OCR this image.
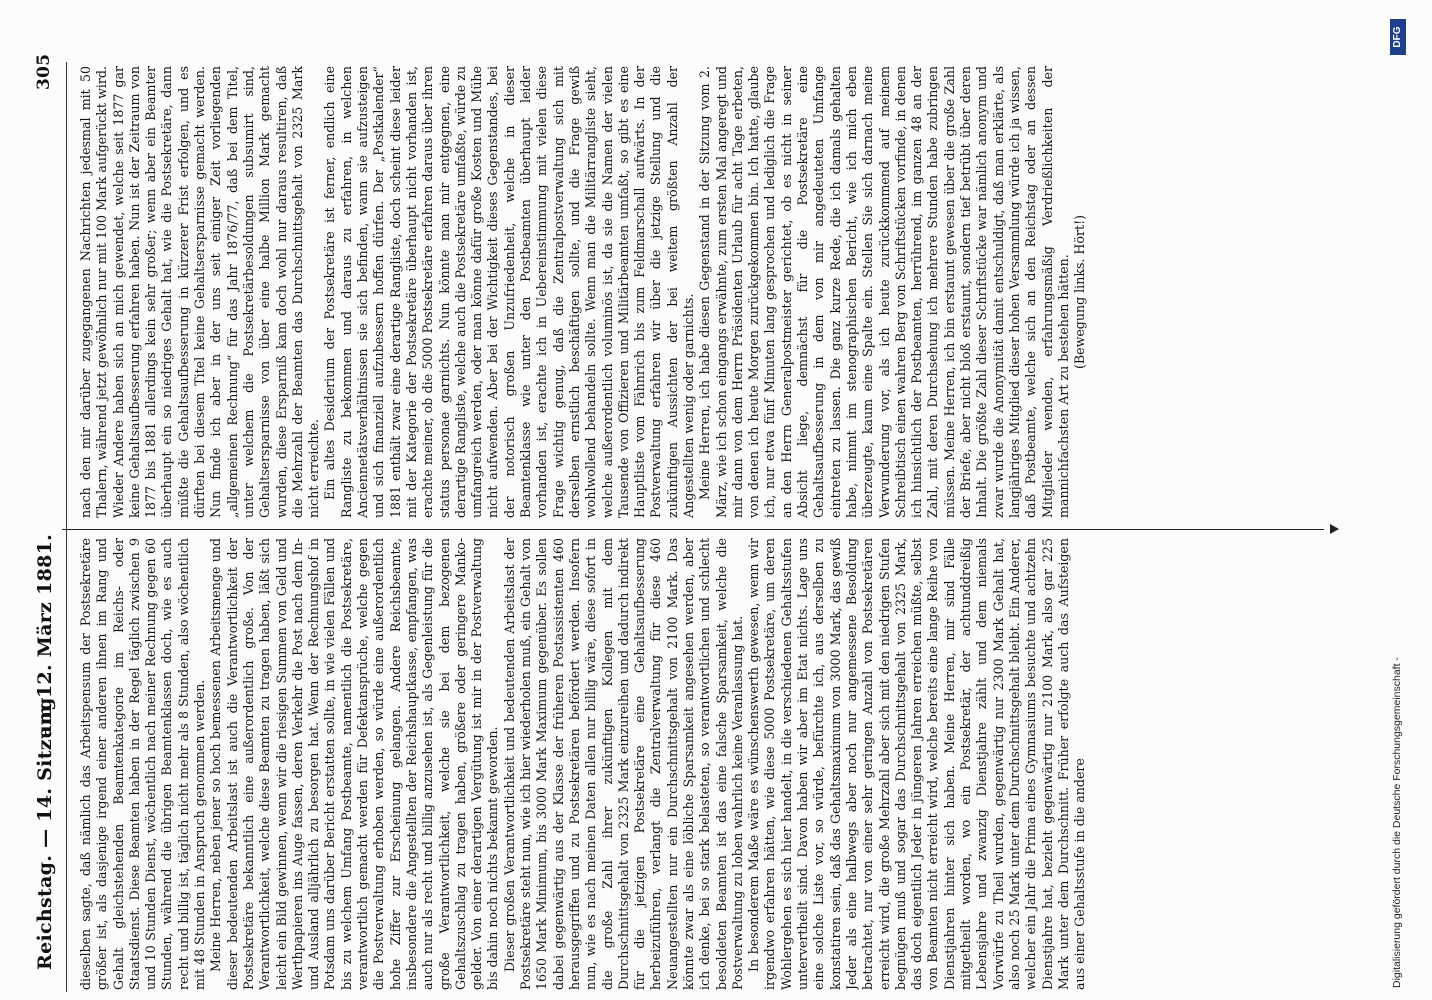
Reichstag. — 14. Sitzung
am 12. März 1881.
305

dieselben sagte, daß nämlich das Arbeitspensum der Postsekretäre größer ist, als dasjenige irgend einer anderen ihnen im Rang und Gehalt gleichstehenden Beamtenkategorie im Reichs- oder Staatsdienst. Diese Beamten haben in der Regel täglich zwischen 9 und 10 Stunden Dienst, wöchentlich nach meiner Rechnung gegen 60 Stunden, während die übrigen Beamtenklassen doch, wie es auch recht und billig ist, täglich nicht mehr als 8 Stunden, also wöchentlich mit 48 Stunden in Anspruch genommen werden. Meine Herren, neben jener so hoch bemessenen Arbeitsmenge und dieser bedeutenden Arbeitslast ist auch die Verantwortlichkeit der Postsekretäre bekanntlich eine außerordentlich große. Von der Verantwortlichkeit, welche diese Beamten zu tragen haben, läßt sich leicht ein Bild gewinnen, wenn wir die riesigen Summen von Geld und Werthpapieren ins Auge fassen, deren Verkehr die Post nach dem In- und Ausland alljährlich zu besorgen hat. Wenn der Rechnungshof in Potsdam uns darüber Bericht erstatten sollte, in wie vielen Fällen und bis zu welchem Umfang Postbeamte, namentlich die Postsekretäre, verantwortlich gemacht werden für Defektansprüche, welche gegen die Postverwaltung erhoben werden, so würde eine außerordentlich hohe Ziffer zur Erscheinung gelangen. Andere Reichsbeamte, insbesondere die Angestellten der Reichshauptkasse, empfangen, was auch nur als recht und billig anzusehen ist, als Gegenleistung für die große Verantwortlichkeit, welche sie bei dem bezogenen Gehaltszuschlag zu tragen haben, größere oder geringere Manko-gelder. Von einer derartigen Vergütung ist mir in der Postverwaltung bis dahin noch nichts bekannt geworden. Dieser großen Verantwortlichkeit und bedeutenden Arbeitslast der Postsekretäre steht nun, wie ich hier wiederholen muß, ein Gehalt von 1650 Mark Minimum, bis 3000 Mark Maximum gegenüber. Es sollen dabei gegenwärtig aus der Klasse der früheren Postassistenten 460 herausgegriffen und zu Postsekretären befördert werden. Insofern nun, wie es nach meinen Daten allen nur billig wäre, diese sofort in die große Zahl ihrer zukünftigen Kollegen mit dem Durchschnittsgehalt von 2325 Mark einzureihen und dadurch indirekt für die jetzigen Postsekretäre eine Gehaltsaufbesserung herbeizuführen, verlangt die Zentralverwaltung für diese 460 Neuangestellten nur ein Durchschnittsgehalt von 2100 Mark. Das könnte zwar als eine löbliche Sparsamkeit angesehen werden, aber ich denke, bei so stark belasteten, so verantwortlichen und schlecht besoldeten Beamten ist das eine falsche Sparsamkeit, welche die Postverwaltung zu loben wahrlich keine Veranlassung hat. In besonderem Maße wäre es wünschenswerth gewesen, wenn wir irgendwo erfahren hätten, wie diese 5000 Postsekretäre, um deren Wohlergehen es sich hier handelt, in die verschiedenen Gehaltsstufen untervertheilt sind. Davon haben wir aber im Etat nichts. Lage uns eine solche Liste vor, so würde, befürchte ich, aus derselben zu konstatiren sein, daß das Gehaltsmaximum von 3000 Mark, das gewiß Jeder als eine halbwegs aber noch nur angemessene Besoldung betrachtet, nur von einer sehr geringen Anzahl von Postsekretären erreicht wird, die große Mehrzahl aber sich mit den niedrigen Stufen begnügen muß und sogar das Durchschnittsgehalt von 2325 Mark, das doch eigentlich Jeder in jüngeren Jahren erreichen müßte, selbst von Beamten nicht erreicht wird, welche bereits eine lange Reihe von Dienstjahren hinter sich haben. Meine Herren, mir sind Fälle mitgetheilt worden, wo ein Postsekretär, der achtunddreißig Lebensjahre und zwanzig Dienstjahre zählt und dem niemals Vorwürfe zu Theil wurden, gegenwärtig nur 2300 Mark Gehalt hat, also noch 25 Mark unter dem Durchschnittsgehalt bleibt. Ein Anderer, welcher ein Jahr die Prima eines Gymnasiums besuchte und achtzehn Dienstjahre hat, bezieht gegenwärtig nur 2100 Mark, also gar 225 Mark unter dem Durchschnitt. Früher erfolgte auch das Aufsteigen aus einer Gehaltsstufe in die andere

nach den mir darüber zugegangenen Nachrichten jedesmal mit 50 Thalern, während jetzt gewöhnlich nur mit 100 Mark aufgerückt wird. Wieder Andere haben sich an mich gewendet, welche seit 1877 gar keine Gehaltsaufbesserung erfahren haben. Nun ist der Zeitraum von 1877 bis 1881 allerdings kein sehr großer; wenn aber ein Beamter überhaupt ein so niedriges Gehalt hat, wie die Postsekretäre, dann müßte die Gehaltsaufbesserung in kürzerer Frist erfolgen, und es dürften bei diesem Titel keine Gehaltsersparnisse gemacht werden. Nun finde ich aber in der uns seit einiger Zeit vorliegenden „allgemeinen Rechnung“ für das Jahr 1876/77, daß bei dem Titel, unter welchem die Postsekretärbesoldungen subsumirt sind, Gehaltsersparnisse von über eine halbe Million Mark gemacht wurden, diese Ersparniß kam doch wohl nur daraus resultiren, daß die Mehrzahl der Beamten das Durchschnittsgehalt von 2325 Mark nicht erreichte. Ein altes Desiderium der Postsekretäre ist ferner, endlich eine Rangliste zu bekommen und daraus zu erfahren, in welchen Anciennetätsverhältnissen sie sich befinden, wann sie aufzusteigen und sich finanziell aufzubessern hoffen dürfen. Der „Postkalender“ 1881 enthält zwar eine derartige Rangliste, doch scheint diese leider mit der Kategorie der Postsekretäre überhaupt nicht vorhanden ist, erachte meiner, ob die 5000 Postsekretäre erfahren daraus über ihren status personae garnichts. Nun könnte man mir entgegnen, eine derartige Rangliste, welche auch die Postsekretäre umfaßte, würde zu umfangreich werden, oder man könne dafür große Kosten und Mühe nicht aufwenden. Aber bei der Wichtigkeit dieses Gegenstandes, bei der notorisch großen Unzufriedenheit, welche in dieser Beamtenklasse wie unter den Postbeamten überhaupt leider vorhanden ist, erachte ich in Uebereinstimmung mit vielen diese Frage wichtig genug, daß die Zentralpostverwaltung sich mit derselben ernstlich beschäftigen sollte, und die Frage gewiß wohlwollend behandeln sollte. Wenn man die Militärrangliste sieht, welche außerordentlich voluminös ist, da sie die Namen der vielen Tausende von Offizieren und Militärbeamten umfaßt, so gibt es eine Hauptliste vom Fähnrich bis zum Feldmarschall aufwärts. In der Postverwaltung erfahren wir über die jetzige Stellung und die zukünftigen Aussichten der bei weitem größten Anzahl der Angestellten wenig oder garnichts. Meine Herren, ich habe diesen Gegenstand in der Sitzung vom 2. März, wie ich schon eingangs erwähnte, zum ersten Mal angeregt und mir dann von dem Herrn Präsidenten Urlaub für acht Tage erbeten, von denen ich heute Morgen zurückgekommen bin. Ich hatte, glaube ich, nur etwa fünf Minuten lang gesprochen und lediglich die Frage an den Herrn Generalpostmeister gerichtet, ob es nicht in seiner Absicht liege, demnächst für die Postsekretäre eine Gehaltsaufbesserung in dem von mir angedeuteten Umfange eintreten zu lassen. Die ganz kurze Rede, die ich damals gehalten habe, nimmt im stenographischen Bericht, wie ich mich eben überzeugte, kaum eine Spalte ein. Stellen Sie sich darnach meine Verwunderung vor, als ich heute zurückkommend auf meinem Schreibtisch einen wahren Berg von Schriftstücken vorfinde, in denen ich hinsichtlich der Postbeamten, herrührend, im ganzen 48 an der Zahl, mit deren Durchsehung ich mehrere Stunden habe zubringen müssen. Meine Herren, ich bin erstaunt gewesen über die große Zahl der Briefe, aber nicht bloß erstaunt, sondern tief betrübt über deren Inhalt. Die größte Zahl dieser Schriftstücke war nämlich anonym und zwar wurde die Anonymität damit entschuldigt, daß man erklärte, als langjähriges Mitglied dieser hohen Versammlung würde ich ja wissen, daß Postbeamte, welche sich an den Reichstag oder an dessen Mitglieder wenden, erfahrungsmäßig Verdrießlichkeiten der mannichfachsten Art zu bestehen hätten. (Bewegung links. Hört!)

Digitalisierung gefördert durch die Deutsche Forschungsgemeinschaft -
DFG
